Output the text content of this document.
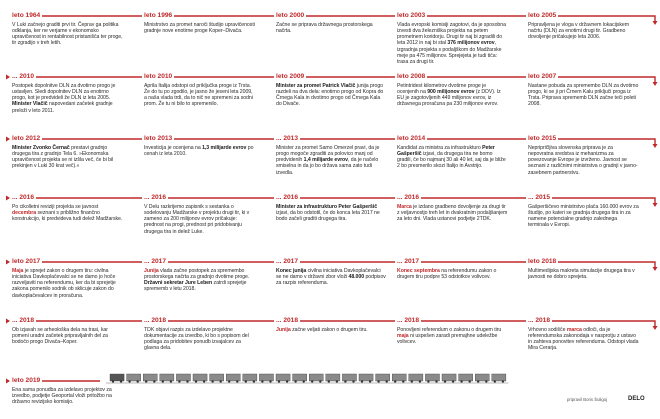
leto 1964
V Luki začnejo graditi prvi tir. Čeprav ga politika odklanja, ker ne verjame v ekonomsko upravičenost in rentabilnost pristanišča ter proge, tir zgradijo v treh letih.
leto 1996
Ministrstvo za promet naroči študijo upravičenosti gradnje nove enotirne proge Koper–Divača.
leto 2000
Začne se priprava državnega prostorskega načrta.
leto 2003
Vlada evropski komisiji zagotovi, da je sposobna izvesti dva železniška projekta na petem prometnem koridorju. Drugi tir naj bi zgradili do leta 2012 in naj bi stal 376 milijonov evrov, izgradnja projekta s podaljškom do Madžarske meje pa 475 milijonov. Sprejejeta je tudi tiča: trasa za drugi tir.
leto 2005
Pripravljena je vloga v državnem lokacijskem načrtu (DLN) za enotirni drugi tir. Gradbeno dovoljenje pričakujejo leta 2006.
... 2010
Postopek dopolnitve DLN za dvotirno progo je ustavljen. Sledi dopolnitev DLN za enotirno progo, kot je predvideli že DLN iz leta 2005. Minister Vlačič napovedani začetek gradnje preloži v leto 2011.
leto 2010
Aprila Italija odstopi od priključka proge iz Trsta. Že do tu po zgodilo, je jasno že jeseni leta 2009, a naša vlada trdi, da to nič ne spremeni za sodni prom. Že tu ni bilo to spremenilo.
leto 2009
Minister za promet Patrick Vlačič junija progo razdeli na dva dela: enotirno progo od Kopra do Črnega Kala in dvotirno progo od Črnega Kala do Divače.
leto 2008
Petintridest kilometrov dvotirne proge je ocenjenih na 900 milijonov evrov (z DDV). Iz EU je zagotovljenih 449 milijonov evrov, iz državnega proračuna pa 230 milijonov evrov.
leto 2007
Nastane pobuda za spremembo DLN za dvotirno progo, ki se ji pri Črnem Kalu priključi proga iz Trsta. Priprava sprememb DLN začne teči poleti 2008.
leto 2012
Minister Zvonko Černač prestavi gradnjo drugega tira z gradnjo Tela 6. »Ekonomska upravičenost projekta se ni izšla več, če bi bil prekinjen v Luki 30 krat več).«
leto 2013
Investicija je ocenjena na 1,3 milijarde evrov po cenah iz leta 2010.
... 2013
Minister za promet Samo Omerzel pravi, da je progo mogoče zgraditi za polovico manj od predvidenih 1,4 milijarde evrov, da je načelo smiselna in da jo bo država sama zato tudi izvedla.
leto 2014
Kandidat za ministra za infrastrukturo Peter Gašperšič izjavi, da drugega tira ne bomo gradili, če bo najmanj 30 ali 40 let, saj da je bliže 2 bo presmerilo skozi Italijo in Avstrijo.
leto 2015
Nepripričljiva slovenska priprava je za nepovratna sredstva iz mehanizma za povezovanje Evrope je izvrženo. Javnost se seznani z različnimi ministrstva o gradnji v javno-zasebnem partnerstvu.
... 2016
Po cikolletni reviziji projekta se javnost decembra seznani s približno finančno konstrukcijo, ki predvideva tudi delež Madžarske.
... 2016
V Delu razkrijemo zapisnik s sestanka o sodelovanju Madžarske v projektu drugi tir, ki v zameno za 200 milijonov evrov pričakuje: prednost na progi, prednost pri pridobivanju drugega tira in delež Luke.
... 2016
Minister za infrastrukturo Peter Gašperšič izjavi, da bo odstotil, če do konca leta 2017 ne bodo začeli graditi drugega tira.
... 2016
Marca je izdano gradbeno dovoljenje za drugi tir z veljavnostjo treh let in dvakratnim podaljšanjem za leto dni. Vlada ustanovi podjetje 2TDK.
... 2015
Gašperšičevo ministrstvo plača 160.000 evrov za študijo, po kateri se gradnja drugega tira in za namene potencialne gradnjo zalednega terminala v Evropi.
leto 2017
Maja je sprejet zakon o drugem tiru: civilna iniciativa Davkoplačevalci se ne damo jo hoče razveljaviti na referendumu, ker da bi sprejetje zakona pomenilo sodnik ob sklicuje zakon do davkoplačevalcev in proračuna.
... 2017
Junija vlada začne postopek za spremembo prostorskega načrta za gradnjo dvotirne proge. Državni sekretar Jure Leben zatrdi sprejetje sprememb v letu 2018.
... 2017
Konec junija civilna iniciativa Davkoplačevalci se ne damo v državni zbor vloži 48.000 podpisov za razpis referenduma.
... 2017
Konec septembra na referendumu zakon o drugem tiru podpre 53 odstotkov volivcev.
leto 2018
Multimedijska makreta simulacije drugega tira v javnosti ne dobro sprejeta.
... 2018
Ob izjavah se arheološka dela na trasi, kar pomeni uradni začetek pripravljalnih del za bodočo progo Divača–Koper.
... 2018
TDK objavi razpis za izdelavo projektne dokumentacije za izvedbo, ki bo s popisom del podlaga za pridobitev ponudb izvajalcev za glavna dela.
... 2018
Junija začne veljati zakon o drugem tiru.
... 2018
Ponovljeni referendum o zakonu o drugem tiru maja ni uspešen zaradi premajhne udeležbe volivcev.
... 2018
Vrhovno sodišče marca odloči, da je referendumska zakonodaja v nasprotju z ustavo in zahteva ponovitev referenduma. Odstopi vlada Mira Cerarja.
leto 2019
Ena sama ponudba za izdelavo projektov za izvedbo, podjetje Geoportal vloži pritožbo na državno revizijsko komisijo.	pripravil Boris Šuligoj	DELO
